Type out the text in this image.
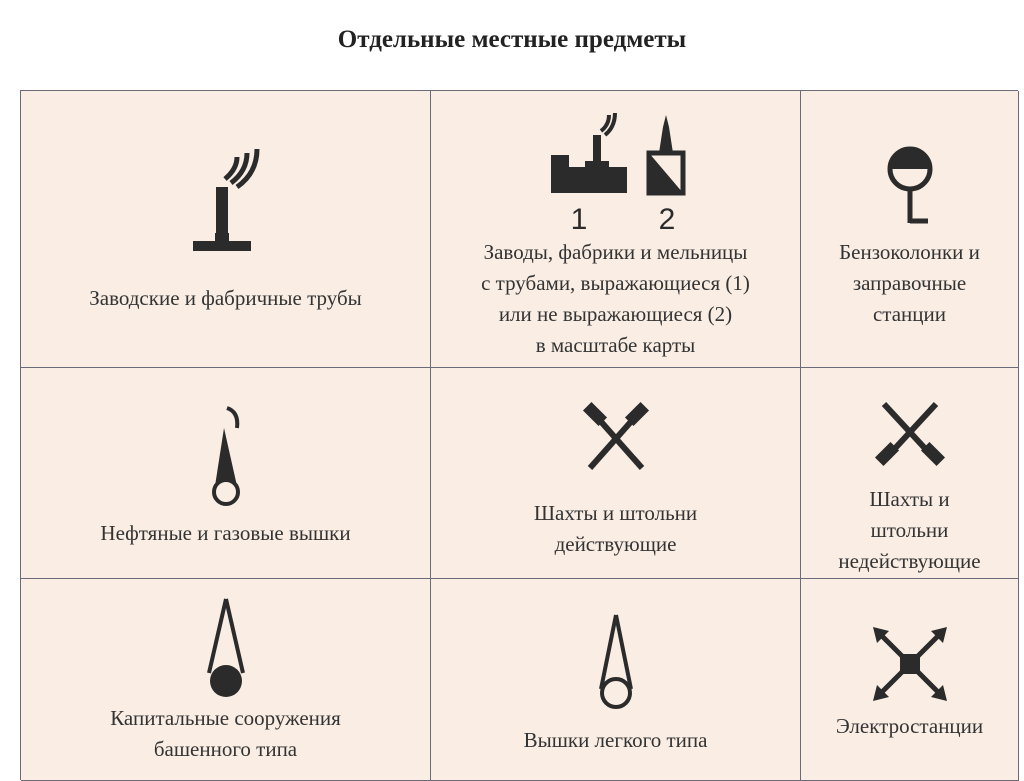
Отдельные местные предметы
Заводские и фабричные трубы
1 2
Заводы, фабрики и мельницы
с трубами, выражающиеся (1)
или не выражающиеся (2)
в масштабе карты
Бензоколонки и
заправочные
станции
Нефтяные и газовые вышки
Шахты и штольни
действующие
Шахты и
штольни
недействующие
Капитальные сооружения
башенного типа	Вышки легкого типа
Электростанции
